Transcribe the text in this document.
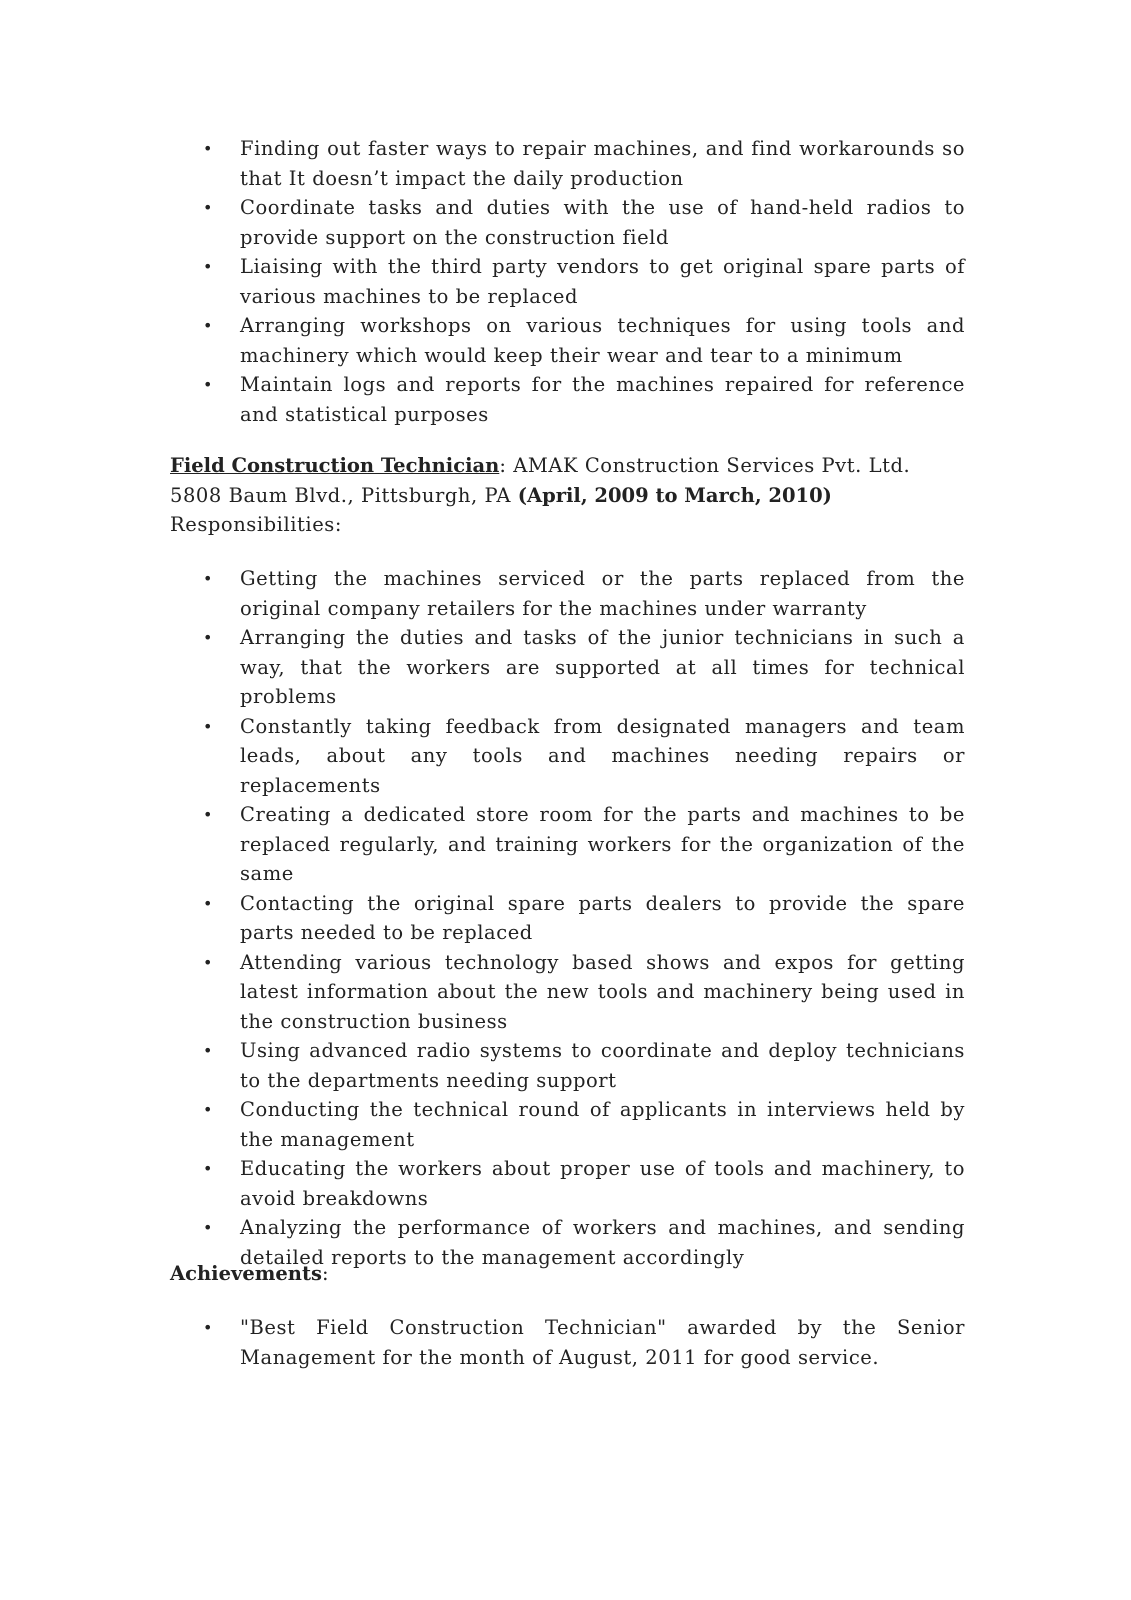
• Finding out faster ways to repair machines, and find workarounds so that It doesn’t impact the daily production
• Coordinate tasks and duties with the use of hand-held radios to provide support on the construction field
• Liaising with the third party vendors to get original spare parts of various machines to be replaced
• Arranging workshops on various techniques for using tools and machinery which would keep their wear and tear to a minimum
• Maintain logs and reports for the machines repaired for reference and statistical purposes

Field Construction Technician: AMAK Construction Services Pvt. Ltd. 5808 Baum Blvd., Pittsburgh, PA (April, 2009 to March, 2010)
Responsibilities:

• Getting the machines serviced or the parts replaced from the original company retailers for the machines under warranty
• Arranging the duties and tasks of the junior technicians in such a way, that the workers are supported at all times for technical problems
• Constantly taking feedback from designated managers and team leads, about any tools and machines needing repairs or replacements
• Creating a dedicated store room for the parts and machines to be replaced regularly, and training workers for the organization of the same
• Contacting the original spare parts dealers to provide the spare parts needed to be replaced
• Attending various technology based shows and expos for getting latest information about the new tools and machinery being used in the construction business
• Using advanced radio systems to coordinate and deploy technicians to the departments needing support
• Conducting the technical round of applicants in interviews held by the management
• Educating the workers about proper use of tools and machinery, to avoid breakdowns
• Analyzing the performance of workers and machines, and sending detailed reports to the management accordingly

Achievements:

• "Best Field Construction Technician" awarded by the Senior Management for the month of August, 2011 for good service.
